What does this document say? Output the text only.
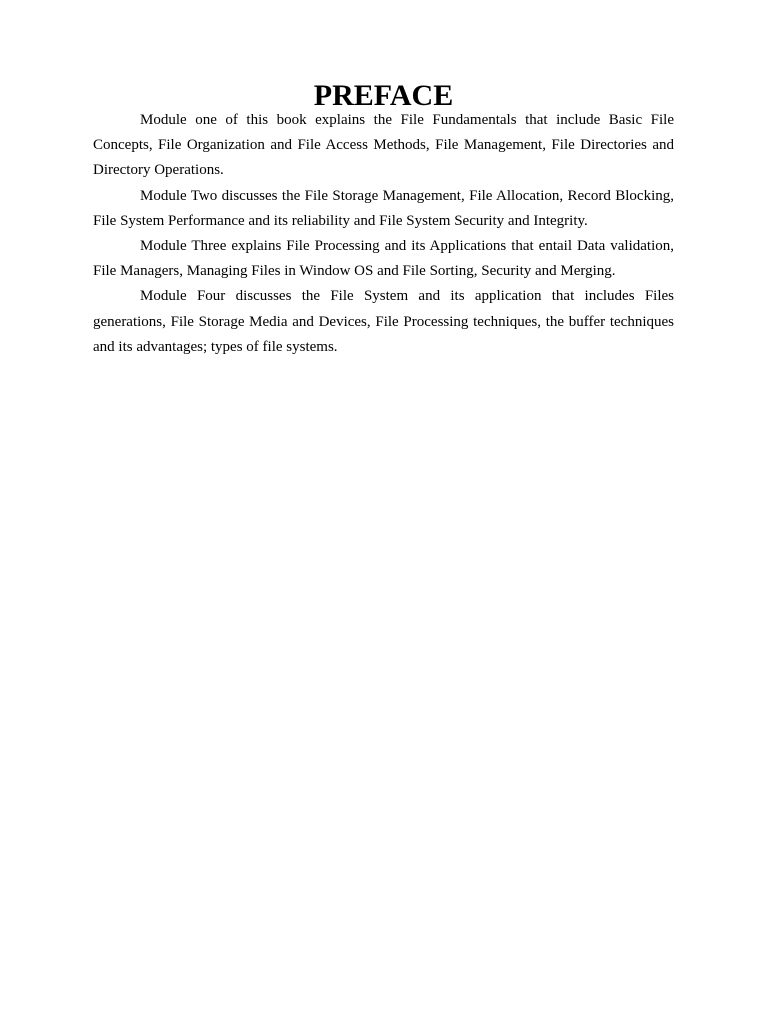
PREFACE

Module one of this book explains the File Fundamentals that include Basic File Concepts, File Organization and File Access Methods, File Management, File Directories and Directory Operations.

Module Two discusses the File Storage Management, File Allocation, Record Blocking, File System Performance and its reliability and File System Security and Integrity.

Module Three explains File Processing and its Applications that entail Data validation, File Managers, Managing Files in Window OS and File Sorting, Security and Merging.

Module Four discusses the File System and its application that includes Files generations, File Storage Media and Devices, File Processing techniques, the buffer techniques and its advantages; types of file systems.
